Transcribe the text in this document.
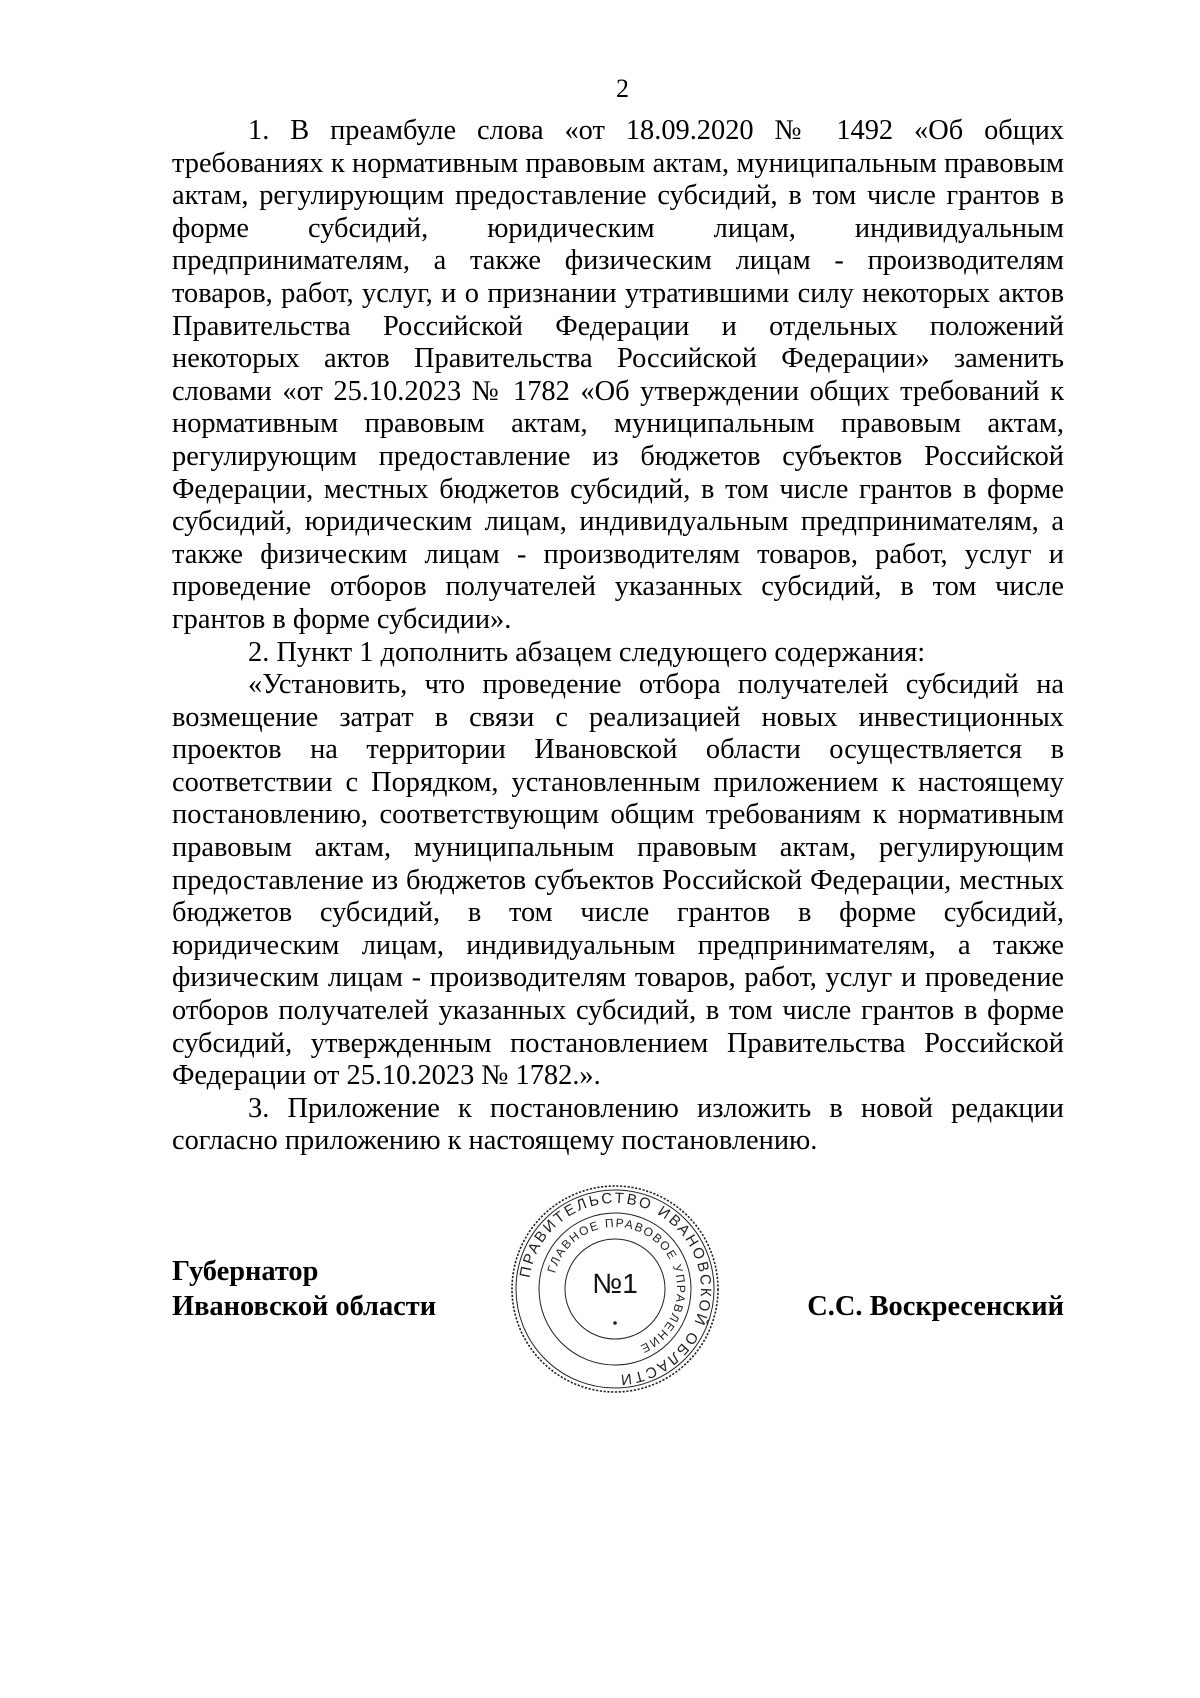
2

1. В преамбуле слова «от 18.09.2020 № 1492 «Об общих требованиях к нормативным правовым актам, муниципальным правовым актам, регулирующим предоставление субсидий, в том числе грантов в форме субсидий, юридическим лицам, индивидуальным предпринимателям, а также физическим лицам - производителям товаров, работ, услуг, и о признании утратившими силу некоторых актов Правительства Российской Федерации и отдельных положений некоторых актов Правительства Российской Федерации» заменить словами «от 25.10.2023 № 1782 «Об утверждении общих требований к нормативным правовым актам, муниципальным правовым актам, регулирующим предоставление из бюджетов субъектов Российской Федерации, местных бюджетов субсидий, в том числе грантов в форме субсидий, юридическим лицам, индивидуальным предпринимателям, а также физическим лицам - производителям товаров, работ, услуг и проведение отборов получателей указанных субсидий, в том числе грантов в форме субсидии».

2. Пункт 1 дополнить абзацем следующего содержания:

«Установить, что проведение отбора получателей субсидий на возмещение затрат в связи с реализацией новых инвестиционных проектов на территории Ивановской области осуществляется в соответствии с Порядком, установленным приложением к настоящему постановлению, соответствующим общим требованиям к нормативным правовым актам, муниципальным правовым актам, регулирующим предоставление из бюджетов субъектов Российской Федерации, местных бюджетов субсидий, в том числе грантов в форме субсидий, юридическим лицам, индивидуальным предпринимателям, а также физическим лицам - производителям товаров, работ, услуг и проведение отборов получателей указанных субсидий, в том числе грантов в форме субсидий, утвержденным постановлением Правительства Российской Федерации от 25.10.2023 № 1782.».

3. Приложение к постановлению изложить в новой редакции согласно приложению к настоящему постановлению.

Губернатор
Ивановской области
ПРАВИТЕЛЬСТВО ИВАНОВСКОЙ ОБЛАСТИ
ГЛАВНОЕ ПРАВОВОЕ УПРАВЛЕНИЕ
№1
С.С. Воскресенский
